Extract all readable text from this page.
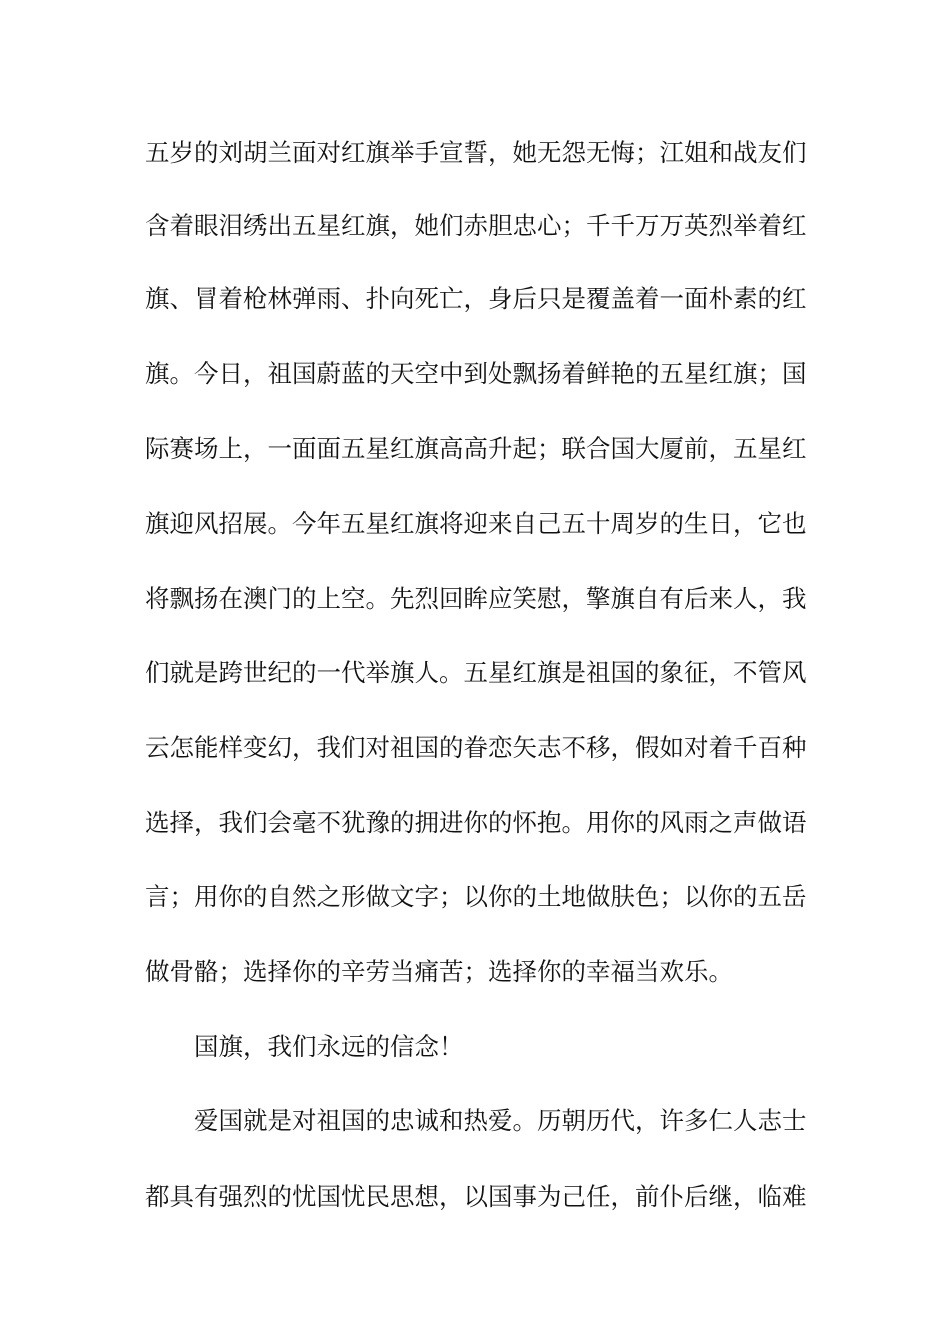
五岁的刘胡兰面对红旗举手宣誓，她无怨无悔；江姐和战友们
含着眼泪绣出五星红旗，她们赤胆忠心；千千万万英烈举着红
旗、冒着枪林弹雨、扑向死亡，身后只是覆盖着一面朴素的红
旗。今日，祖国蔚蓝的天空中到处飘扬着鲜艳的五星红旗；国
际赛场上，一面面五星红旗高高升起；联合国大厦前，五星红
旗迎风招展。今年五星红旗将迎来自己五十周岁的生日，它也
将飘扬在澳门的上空。先烈回眸应笑慰，擎旗自有后来人，我
们就是跨世纪的一代举旗人。五星红旗是祖国的象征，不管风
云怎能样变幻，我们对祖国的眷恋矢志不移，假如对着千百种
选择，我们会毫不犹豫的拥进你的怀抱。用你的风雨之声做语
言；用你的自然之形做文字；以你的土地做肤色；以你的五岳
做骨骼；选择你的辛劳当痛苦；选择你的幸福当欢乐。
国旗，我们永远的信念！
爱国就是对祖国的忠诚和热爱。历朝历代，许多仁人志士
都具有强烈的忧国忧民思想，以国事为己任，前仆后继，临难
